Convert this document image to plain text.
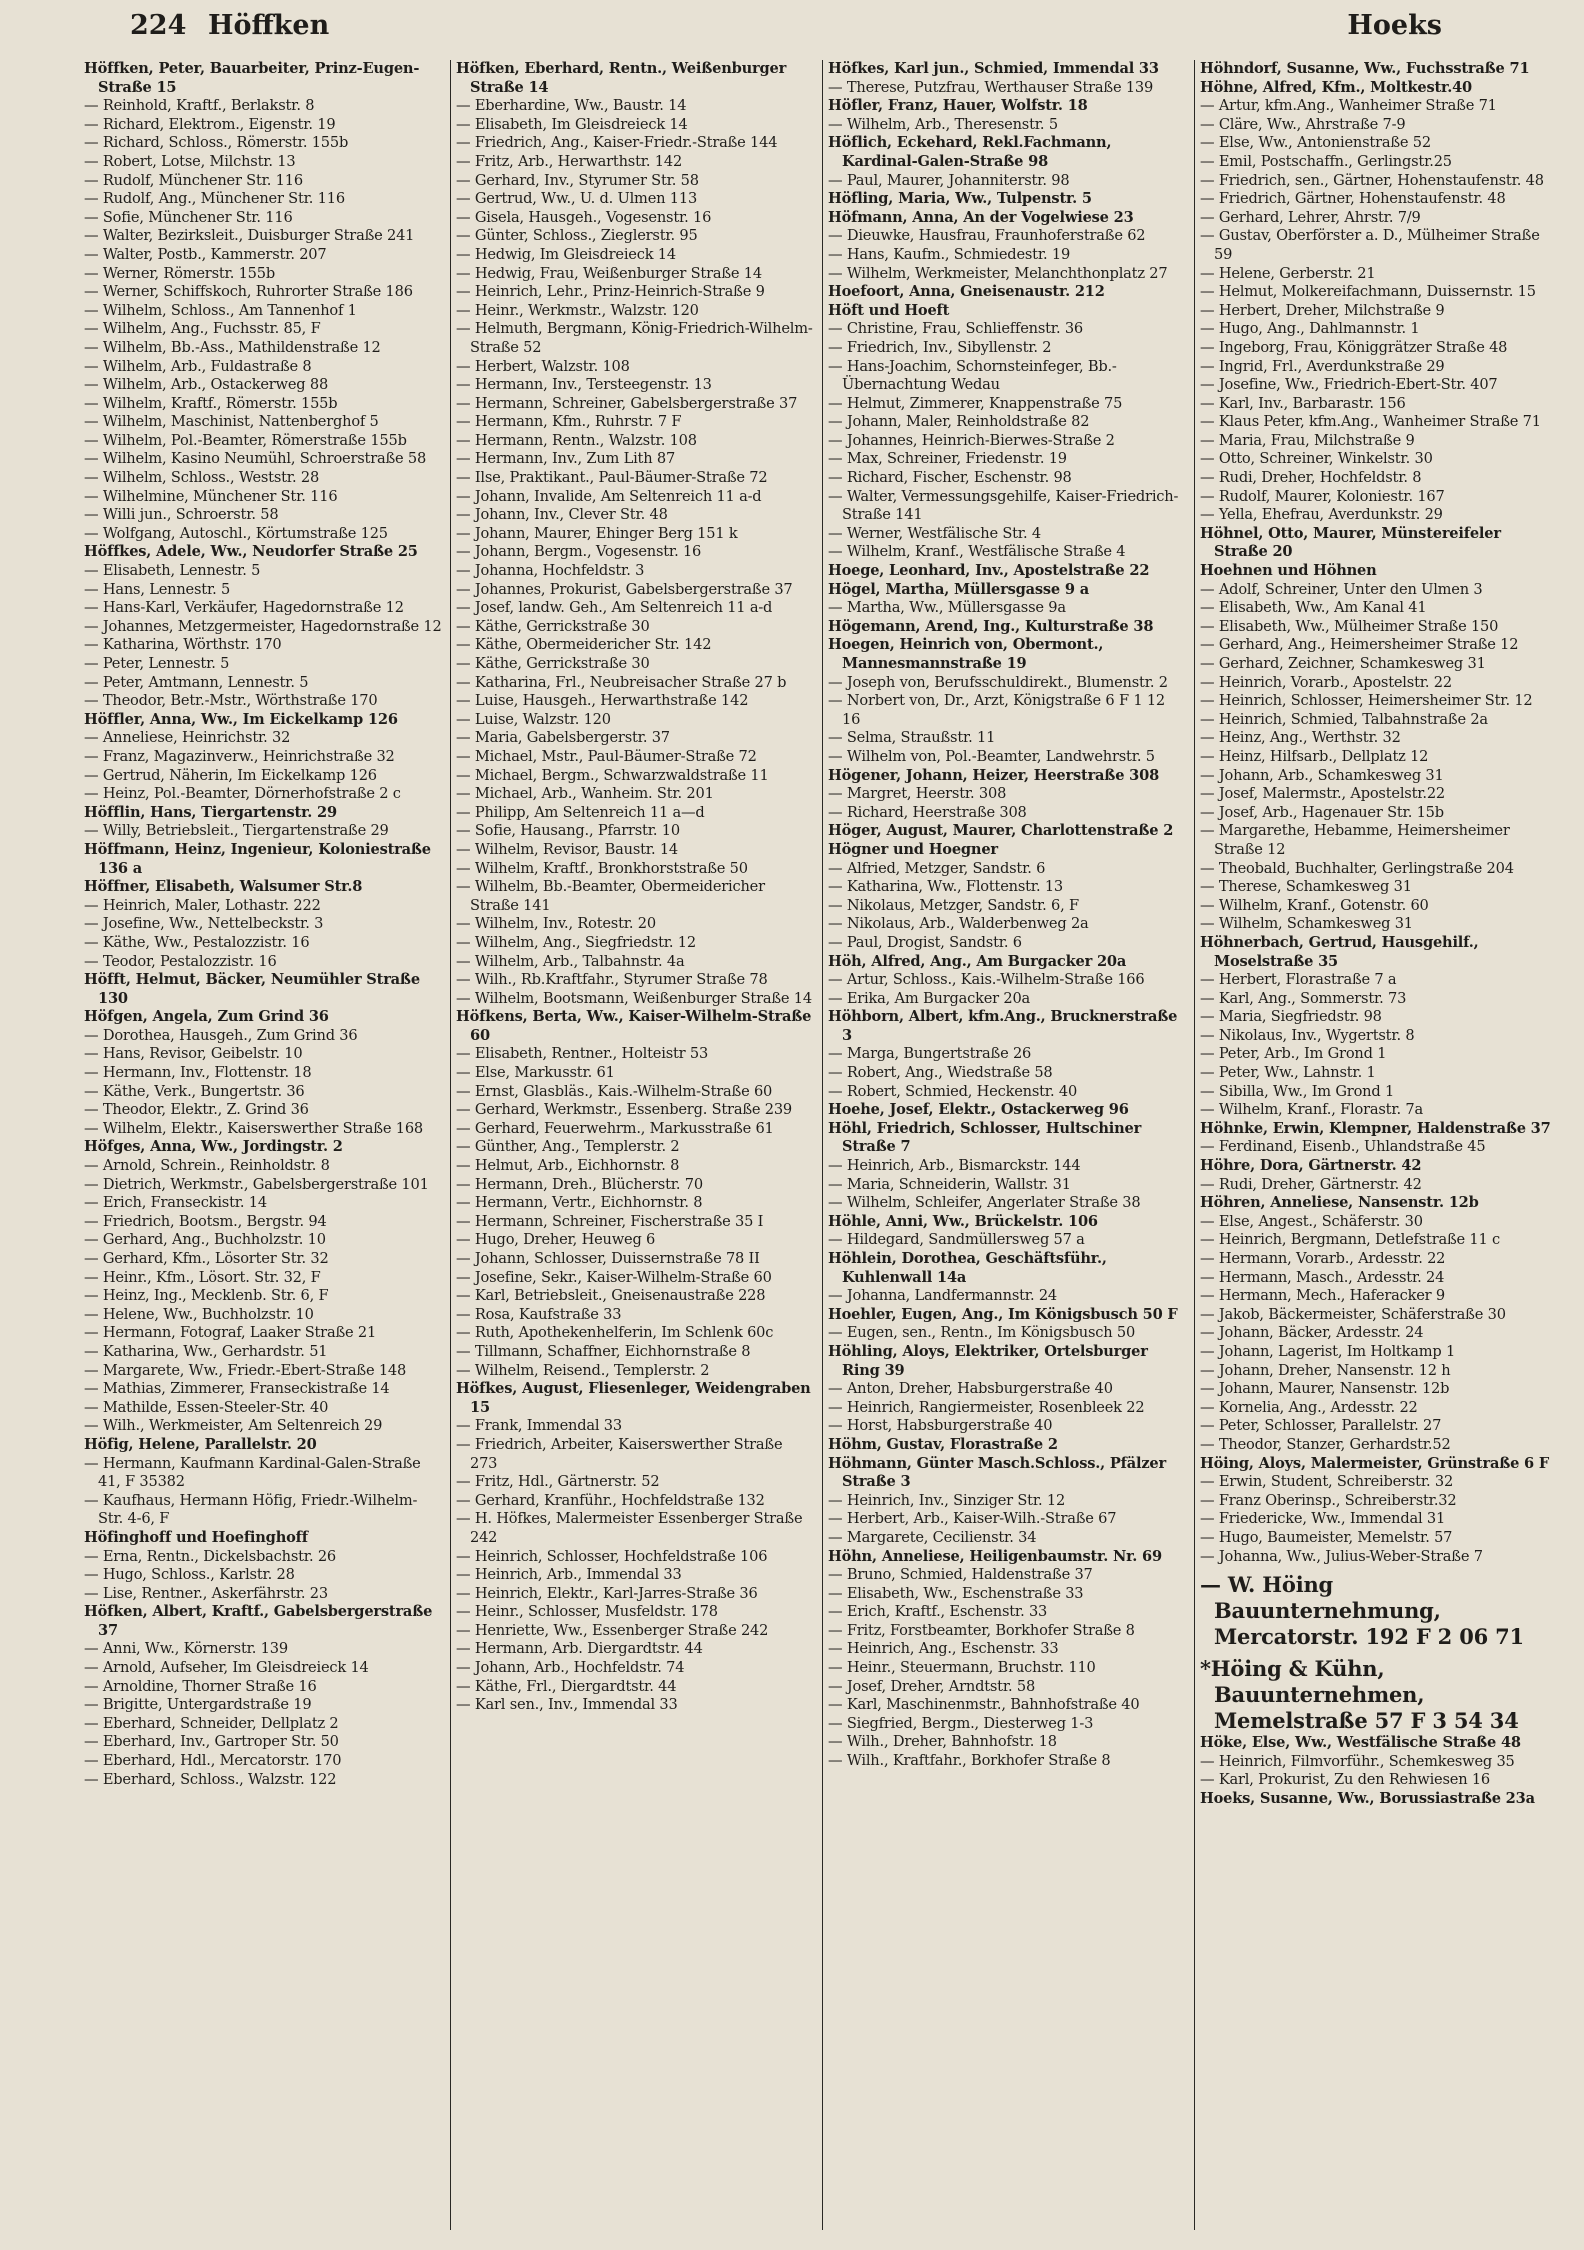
224 Höffken	Hoeks

Höffken, Peter, Bauarbeiter, Prinz-Eugen-Straße 15

— Reinhold, Kraftf., Berlakstr. 8

— Richard, Elektrom., Eigenstr. 19

— Richard, Schloss., Römerstr. 155b

— Robert, Lotse, Milchstr. 13

— Rudolf, Münchener Str. 116

— Rudolf, Ang., Münchener Str. 116

— Sofie, Münchener Str. 116

— Walter, Bezirksleit., Duisburger Straße 241

— Walter, Postb., Kammerstr. 207

— Werner, Römerstr. 155b

— Werner, Schiffskoch, Ruhrorter Straße 186

— Wilhelm, Schloss., Am Tannenhof 1

— Wilhelm, Ang., Fuchsstr. 85, F

— Wilhelm, Bb.-Ass., Mathildenstraße 12

— Wilhelm, Arb., Fuldastraße 8

— Wilhelm, Arb., Ostackerweg 88

— Wilhelm, Kraftf., Römerstr. 155b

— Wilhelm, Maschinist, Nattenberghof 5

— Wilhelm, Pol.-Beamter, Römerstraße 155b

— Wilhelm, Kasino Neumühl, Schroerstraße 58

— Wilhelm, Schloss., Weststr. 28

— Wilhelmine, Münchener Str. 116

— Willi jun., Schroerstr. 58

— Wolfgang, Autoschl., Körtumstraße 125

Höffkes, Adele, Ww., Neudorfer Straße 25

— Elisabeth, Lennestr. 5

— Hans, Lennestr. 5

— Hans-Karl, Verkäufer, Hagedornstraße 12

— Johannes, Metzgermeister, Hagedornstraße 12

— Katharina, Wörthstr. 170

— Peter, Lennestr. 5

— Peter, Amtmann, Lennestr. 5

— Theodor, Betr.-Mstr., Wörthstraße 170

Höffler, Anna, Ww., Im Eickelkamp 126

— Anneliese, Heinrichstr. 32

— Franz, Magazinverw., Heinrichstraße 32

— Gertrud, Näherin, Im Eickelkamp 126

— Heinz, Pol.-Beamter, Dörnerhofstraße 2 c

Höfflin, Hans, Tiergartenstr. 29

— Willy, Betriebsleit., Tiergartenstraße 29

Höffmann, Heinz, Ingenieur, Koloniestraße 136 a

Höffner, Elisabeth, Walsumer Str.8

— Heinrich, Maler, Lothastr. 222

— Josefine, Ww., Nettelbeckstr. 3

— Käthe, Ww., Pestalozzistr. 16

— Teodor, Pestalozzistr. 16

Höfft, Helmut, Bäcker, Neumühler Straße 130

Höfgen, Angela, Zum Grind 36

— Dorothea, Hausgeh., Zum Grind 36

— Hans, Revisor, Geibelstr. 10

— Hermann, Inv., Flottenstr. 18

— Käthe, Verk., Bungertstr. 36

— Theodor, Elektr., Z. Grind 36

— Wilhelm, Elektr., Kaiserswerther Straße 168

Höfges, Anna, Ww., Jordingstr. 2

— Arnold, Schrein., Reinholdstr. 8

— Dietrich, Werkmstr., Gabelsbergerstraße 101

— Erich, Franseckistr. 14

— Friedrich, Bootsm., Bergstr. 94

— Gerhard, Ang., Buchholzstr. 10

— Gerhard, Kfm., Lösorter Str. 32

— Heinr., Kfm., Lösort. Str. 32, F

— Heinz, Ing., Mecklenb. Str. 6, F

— Helene, Ww., Buchholzstr. 10

— Hermann, Fotograf, Laaker Straße 21

— Katharina, Ww., Gerhardstr. 51

— Margarete, Ww., Friedr.-Ebert-Straße 148

— Mathias, Zimmerer, Franseckistraße 14

— Mathilde, Essen-Steeler-Str. 40

— Wilh., Werkmeister, Am Seltenreich 29

Höfig, Helene, Parallelstr. 20

— Hermann, Kaufmann Kardinal-Galen-Straße 41, F 35382

— Kaufhaus, Hermann Höfig, Friedr.-Wilhelm-Str. 4-6, F

Höfinghoff und Hoefinghoff

— Erna, Rentn., Dickelsbachstr. 26

— Hugo, Schloss., Karlstr. 28

— Lise, Rentner., Askerfährstr. 23

Höfken, Albert, Kraftf., Gabelsbergerstraße 37

— Anni, Ww., Körnerstr. 139

— Arnold, Aufseher, Im Gleisdreieck 14

— Arnoldine, Thorner Straße 16

— Brigitte, Untergardstraße 19

— Eberhard, Schneider, Dellplatz 2

— Eberhard, Inv., Gartroper Str. 50

— Eberhard, Hdl., Mercatorstr. 170

— Eberhard, Schloss., Walzstr. 122

Höfken, Eberhard, Rentn., Weißenburger Straße 14

— Eberhardine, Ww., Baustr. 14

— Elisabeth, Im Gleisdreieck 14

— Friedrich, Ang., Kaiser-Friedr.-Straße 144

— Fritz, Arb., Herwarthstr. 142

— Gerhard, Inv., Styrumer Str. 58

— Gertrud, Ww., U. d. Ulmen 113

— Gisela, Hausgeh., Vogesenstr. 16

— Günter, Schloss., Zieglerstr. 95

— Hedwig, Im Gleisdreieck 14

— Hedwig, Frau, Weißenburger Straße 14

— Heinrich, Lehr., Prinz-Heinrich-Straße 9

— Heinr., Werkmstr., Walzstr. 120

— Helmuth, Bergmann, König-Friedrich-Wilhelm-Straße 52

— Herbert, Walzstr. 108

— Hermann, Inv., Tersteegenstr. 13

— Hermann, Schreiner, Gabelsbergerstraße 37

— Hermann, Kfm., Ruhrstr. 7 F

— Hermann, Rentn., Walzstr. 108

— Hermann, Inv., Zum Lith 87

— Ilse, Praktikant., Paul-Bäumer-Straße 72

— Johann, Invalide, Am Seltenreich 11 a-d

— Johann, Inv., Clever Str. 48

— Johann, Maurer, Ehinger Berg 151 k

— Johann, Bergm., Vogesenstr. 16

— Johanna, Hochfeldstr. 3

— Johannes, Prokurist, Gabelsbergerstraße 37

— Josef, landw. Geh., Am Seltenreich 11 a-d

— Käthe, Gerrickstraße 30

— Käthe, Obermeidericher Str. 142

— Käthe, Gerrickstraße 30

— Katharina, Frl., Neubreisacher Straße 27 b

— Luise, Hausgeh., Herwarthstraße 142

— Luise, Walzstr. 120

— Maria, Gabelsbergerstr. 37

— Michael, Mstr., Paul-Bäumer-Straße 72

— Michael, Bergm., Schwarzwaldstraße 11

— Michael, Arb., Wanheim. Str. 201

— Philipp, Am Seltenreich 11 a—d

— Sofie, Hausang., Pfarrstr. 10

— Wilhelm, Revisor, Baustr. 14

— Wilhelm, Kraftf., Bronkhorststraße 50

— Wilhelm, Bb.-Beamter, Obermeidericher Straße 141

— Wilhelm, Inv., Rotestr. 20

— Wilhelm, Ang., Siegfriedstr. 12

— Wilhelm, Arb., Talbahnstr. 4a

— Wilh., Rb.Kraftfahr., Styrumer Straße 78

— Wilhelm, Bootsmann, Weißenburger Straße 14

Höfkens, Berta, Ww., Kaiser-Wilhelm-Straße 60

— Elisabeth, Rentner., Holteistr 53

— Else, Markusstr. 61

— Ernst, Glasbläs., Kais.-Wilhelm-Straße 60

— Gerhard, Werkmstr., Essenberg. Straße 239

— Gerhard, Feuerwehrm., Markusstraße 61

— Günther, Ang., Templerstr. 2

— Helmut, Arb., Eichhornstr. 8

— Hermann, Dreh., Blücherstr. 70

— Hermann, Vertr., Eichhornstr. 8

— Hermann, Schreiner, Fischerstraße 35 I

— Hugo, Dreher, Heuweg 6

— Johann, Schlosser, Duissernstraße 78 II

— Josefine, Sekr., Kaiser-Wilhelm-Straße 60

— Karl, Betriebsleit., Gneisenaustraße 228

— Rosa, Kaufstraße 33

— Ruth, Apothekenhelferin, Im Schlenk 60c

— Tillmann, Schaffner, Eichhornstraße 8

— Wilhelm, Reisend., Templerstr. 2

Höfkes, August, Fliesenleger, Weidengraben 15

— Frank, Immendal 33

— Friedrich, Arbeiter, Kaiserswerther Straße 273

— Fritz, Hdl., Gärtnerstr. 52

— Gerhard, Kranführ., Hochfeldstraße 132

— H. Höfkes, Malermeister Essenberger Straße 242

— Heinrich, Schlosser, Hochfeldstraße 106

— Heinrich, Arb., Immendal 33

— Heinrich, Elektr., Karl-Jarres-Straße 36

— Heinr., Schlosser, Musfeldstr. 178

— Henriette, Ww., Essenberger Straße 242

— Hermann, Arb. Diergardtstr. 44

— Johann, Arb., Hochfeldstr. 74

— Käthe, Frl., Diergardtstr. 44

— Karl sen., Inv., Immendal 33

Höfkes, Karl jun., Schmied, Immendal 33

— Therese, Putzfrau, Werthauser Straße 139

Höfler, Franz, Hauer, Wolfstr. 18

— Wilhelm, Arb., Theresenstr. 5

Höflich, Eckehard, Rekl.Fachmann, Kardinal-Galen-Straße 98

— Paul, Maurer, Johanniterstr. 98

Höfling, Maria, Ww., Tulpenstr. 5

Höfmann, Anna, An der Vogelwiese 23

— Dieuwke, Hausfrau, Fraunhoferstraße 62

— Hans, Kaufm., Schmiedestr. 19

— Wilhelm, Werkmeister, Melanchthonplatz 27

Hoefoort, Anna, Gneisenaustr. 212

Höft und Hoeft

— Christine, Frau, Schlieffenstr. 36

— Friedrich, Inv., Sibyllenstr. 2

— Hans-Joachim, Schornsteinfeger, Bb.-Übernachtung Wedau

— Helmut, Zimmerer, Knappenstraße 75

— Johann, Maler, Reinholdstraße 82

— Johannes, Heinrich-Bierwes-Straße 2

— Max, Schreiner, Friedenstr. 19

— Richard, Fischer, Eschenstr. 98

— Walter, Vermessungsgehilfe, Kaiser-Friedrich-Straße 141

— Werner, Westfälische Str. 4

— Wilhelm, Kranf., Westfälische Straße 4

Hoege, Leonhard, Inv., Apostelstraße 22

Högel, Martha, Müllersgasse 9 a

— Martha, Ww., Müllersgasse 9a

Högemann, Arend, Ing., Kulturstraße 38

Hoegen, Heinrich von, Obermont., Mannesmannstraße 19

— Joseph von, Berufsschuldirekt., Blumenstr. 2

— Norbert von, Dr., Arzt, Königstraße 6 F 1 12 16

— Selma, Straußstr. 11

— Wilhelm von, Pol.-Beamter, Landwehrstr. 5

Högener, Johann, Heizer, Heerstraße 308

— Margret, Heerstr. 308

— Richard, Heerstraße 308

Höger, August, Maurer, Charlottenstraße 2

Högner und Hoegner

— Alfried, Metzger, Sandstr. 6

— Katharina, Ww., Flottenstr. 13

— Nikolaus, Metzger, Sandstr. 6, F

— Nikolaus, Arb., Walderbenweg 2a

— Paul, Drogist, Sandstr. 6

Höh, Alfred, Ang., Am Burgacker 20a

— Artur, Schloss., Kais.-Wilhelm-Straße 166

— Erika, Am Burgacker 20a

Höhborn, Albert, kfm.Ang., Brucknerstraße 3

— Marga, Bungertstraße 26

— Robert, Ang., Wiedstraße 58

— Robert, Schmied, Heckenstr. 40

Hoehe, Josef, Elektr., Ostackerweg 96

Höhl, Friedrich, Schlosser, Hultschiner Straße 7

— Heinrich, Arb., Bismarckstr. 144

— Maria, Schneiderin, Wallstr. 31

— Wilhelm, Schleifer, Angerlater Straße 38

Höhle, Anni, Ww., Brückelstr. 106

— Hildegard, Sandmüllersweg 57 a

Höhlein, Dorothea, Geschäftsführ., Kuhlenwall 14a

— Johanna, Landfermannstr. 24

Hoehler, Eugen, Ang., Im Königsbusch 50 F

— Eugen, sen., Rentn., Im Königsbusch 50

Höhling, Aloys, Elektriker, Ortelsburger Ring 39

— Anton, Dreher, Habsburgerstraße 40

— Heinrich, Rangiermeister, Rosenbleek 22

— Horst, Habsburgerstraße 40

Höhm, Gustav, Florastraße 2

Höhmann, Günter Masch.Schloss., Pfälzer Straße 3

— Heinrich, Inv., Sinziger Str. 12

— Herbert, Arb., Kaiser-Wilh.-Straße 67

— Margarete, Cecilienstr. 34

Höhn, Anneliese, Heiligenbaumstr. Nr. 69

— Bruno, Schmied, Haldenstraße 37

— Elisabeth, Ww., Eschenstraße 33

— Erich, Kraftf., Eschenstr. 33

— Fritz, Forstbeamter, Borkhofer Straße 8

— Heinrich, Ang., Eschenstr. 33

— Heinr., Steuermann, Bruchstr. 110

— Josef, Dreher, Arndtstr. 58

— Karl, Maschinenmstr., Bahnhofstraße 40

— Siegfried, Bergm., Diesterweg 1-3

— Wilh., Dreher, Bahnhofstr. 18

— Wilh., Kraftfahr., Borkhofer Straße 8

Höhndorf, Susanne, Ww., Fuchsstraße 71

Höhne, Alfred, Kfm., Moltkestr.40

— Artur, kfm.Ang., Wanheimer Straße 71

— Cläre, Ww., Ahrstraße 7-9

— Else, Ww., Antonienstraße 52

— Emil, Postschaffn., Gerlingstr.25

— Friedrich, sen., Gärtner, Hohenstaufenstr. 48

— Friedrich, Gärtner, Hohenstaufenstr. 48

— Gerhard, Lehrer, Ahrstr. 7/9

— Gustav, Oberförster a. D., Mülheimer Straße 59

— Helene, Gerberstr. 21

— Helmut, Molkereifachmann, Duissernstr. 15

— Herbert, Dreher, Milchstraße 9

— Hugo, Ang., Dahlmannstr. 1

— Ingeborg, Frau, Königgrätzer Straße 48

— Ingrid, Frl., Averdunkstraße 29

— Josefine, Ww., Friedrich-Ebert-Str. 407

— Karl, Inv., Barbarastr. 156

— Klaus Peter, kfm.Ang., Wanheimer Straße 71

— Maria, Frau, Milchstraße 9

— Otto, Schreiner, Winkelstr. 30

— Rudi, Dreher, Hochfeldstr. 8

— Rudolf, Maurer, Koloniestr. 167

— Yella, Ehefrau, Averdunkstr. 29

Höhnel, Otto, Maurer, Münstereifeler Straße 20

Hoehnen und Höhnen

— Adolf, Schreiner, Unter den Ulmen 3

— Elisabeth, Ww., Am Kanal 41

— Elisabeth, Ww., Mülheimer Straße 150

— Gerhard, Ang., Heimersheimer Straße 12

— Gerhard, Zeichner, Schamkesweg 31

— Heinrich, Vorarb., Apostelstr. 22

— Heinrich, Schlosser, Heimersheimer Str. 12

— Heinrich, Schmied, Talbahnstraße 2a

— Heinz, Ang., Werthstr. 32

— Heinz, Hilfsarb., Dellplatz 12

— Johann, Arb., Schamkesweg 31

— Josef, Malermstr., Apostelstr.22

— Josef, Arb., Hagenauer Str. 15b

— Margarethe, Hebamme, Heimersheimer Straße 12

— Theobald, Buchhalter, Gerlingstraße 204

— Therese, Schamkesweg 31

— Wilhelm, Kranf., Gotenstr. 60

— Wilhelm, Schamkesweg 31

Höhnerbach, Gertrud, Hausgehilf., Moselstraße 35

— Herbert, Florastraße 7 a

— Karl, Ang., Sommerstr. 73

— Maria, Siegfriedstr. 98

— Nikolaus, Inv., Wygertstr. 8

— Peter, Arb., Im Grond 1

— Peter, Ww., Lahnstr. 1

— Sibilla, Ww., Im Grond 1

— Wilhelm, Kranf., Florastr. 7a

Höhnke, Erwin, Klempner, Haldenstraße 37

— Ferdinand, Eisenb., Uhlandstraße 45

Höhre, Dora, Gärtnerstr. 42

— Rudi, Dreher, Gärtnerstr. 42

Höhren, Anneliese, Nansenstr. 12b

— Else, Angest., Schäferstr. 30

— Heinrich, Bergmann, Detlefstraße 11 c

— Hermann, Vorarb., Ardesstr. 22

— Hermann, Masch., Ardesstr. 24

— Hermann, Mech., Haferacker 9

— Jakob, Bäckermeister, Schäferstraße 30

— Johann, Bäcker, Ardesstr. 24

— Johann, Lagerist, Im Holtkamp 1

— Johann, Dreher, Nansenstr. 12 h

— Johann, Maurer, Nansenstr. 12b

— Kornelia, Ang., Ardesstr. 22

— Peter, Schlosser, Parallelstr. 27

— Theodor, Stanzer, Gerhardstr.52

Höing, Aloys, Malermeister, Grünstraße 6 F

— Erwin, Student, Schreiberstr. 32

— Franz Oberinsp., Schreiberstr.32

— Friedericke, Ww., Immendal 31

— Hugo, Baumeister, Memelstr. 57

— Johanna, Ww., Julius-Weber-Straße 7

— W. Höing Bauunternehmung, Mercatorstr. 192 F 2 06 71

*Höing & Kühn, Bauunternehmen, Memelstraße 57 F 3 54 34

Höke, Else, Ww., Westfälische Straße 48

— Heinrich, Filmvorführ., Schemkesweg 35

— Karl, Prokurist, Zu den Rehwiesen 16

Hoeks, Susanne, Ww., Borussiastraße 23a
